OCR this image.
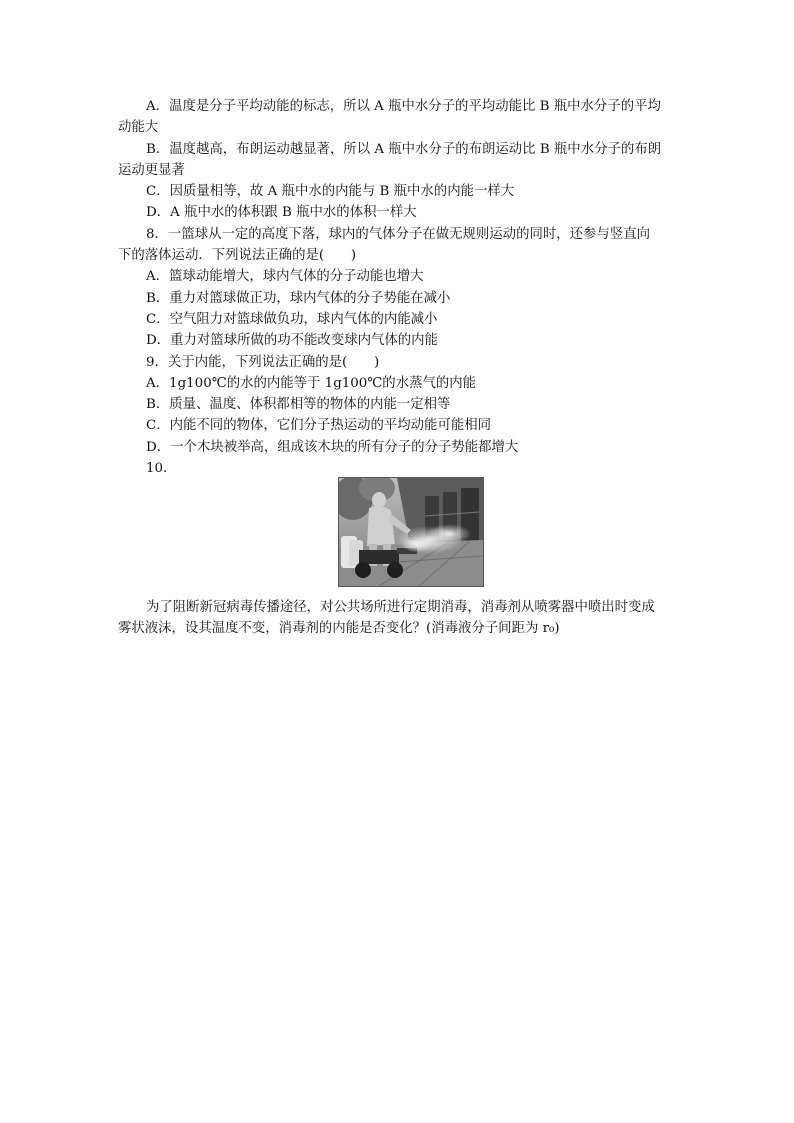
A．温度是分子平均动能的标志，所以 A 瓶中水分子的平均动能比 B 瓶中水分子的平均
动能大
B．温度越高，布朗运动越显著，所以 A 瓶中水分子的布朗运动比 B 瓶中水分子的布朗
运动更显著
C．因质量相等，故 A 瓶中水的内能与 B 瓶中水的内能一样大
D．A 瓶中水的体积跟 B 瓶中水的体积一样大
8．一篮球从一定的高度下落，球内的气体分子在做无规则运动的同时，还参与竖直向
下的落体运动．下列说法正确的是(　　)
A．篮球动能增大，球内气体的分子动能也增大
B．重力对篮球做正功，球内气体的分子势能在减小
C．空气阻力对篮球做负功，球内气体的内能减小
D．重力对篮球所做的功不能改变球内气体的内能
9．关于内能，下列说法正确的是(　　)
A．1g100℃的水的内能等于 1g100℃的水蒸气的内能
B．质量、温度、体积都相等的物体的内能一定相等
C．内能不同的物体，它们分子热运动的平均动能可能相同
D．一个木块被举高，组成该木块的所有分子的分子势能都增大
10．
为了阻断新冠病毒传播途径，对公共场所进行定期消毒，消毒剂从喷雾器中喷出时变成
雾状液沫，设其温度不变，消毒剂的内能是否变化？(消毒液分子间距为 r₀)
